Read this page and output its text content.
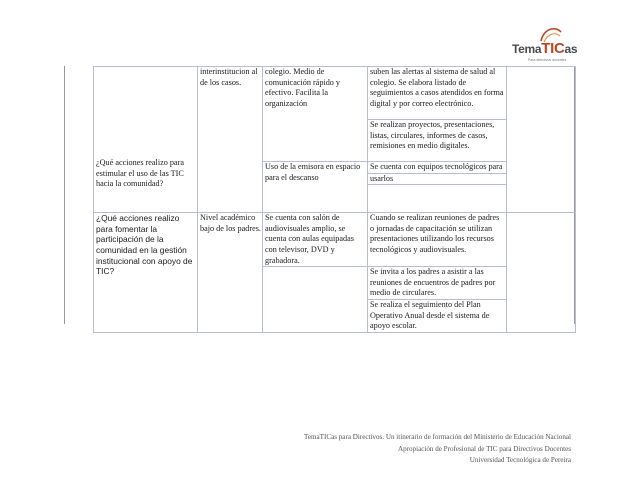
TemaTICas
Para directivos docentes
¿Qué acciones realizo para estimular el uso de las TIC hacia la comunidad?	interinstitucion al de los casos.	colegio. Medio de comunicación rápido y efectivo. Facilita la organización	suben las alertas al sistema de salud al colegio. Se elabora listado de seguimientos a casos atendidos en forma digital y por correo electrónico.	
			Se realizan proyectos, presentaciones, listas, circulares, informes de casos, remisiones en medio digitales.	
		Uso de la emisora en espacio para el descanso	Se cuenta con equipos tecnológicos para	
			usarlos	

¿Qué acciones realizo para fomentar la participación de la comunidad en la gestión institucional con apoyo de TIC?	Nivel académico bajo de los padres.	Se cuenta con salón de audiovisuales amplio, se cuenta con aulas equipadas con televisor, DVD y grabadora.	Cuando se realizan reuniones de padres o jornadas de capacitación se utilizan presentaciones utilizando los recursos tecnológicos y audiovisuales.	
			Se invita a los padres a asistir a las reuniones de encuentros de padres por medio de circulares.	
			Se realiza el seguimiento del Plan Operativo Anual desde el sistema de apoyo escolar.	
TemaTICas para Directivos. Un itinerario de formación del Ministerio de Educación Nacional
Apropiación de Profesional de TIC para Directivos Docentes
Universidad Tecnológica de Pereira
